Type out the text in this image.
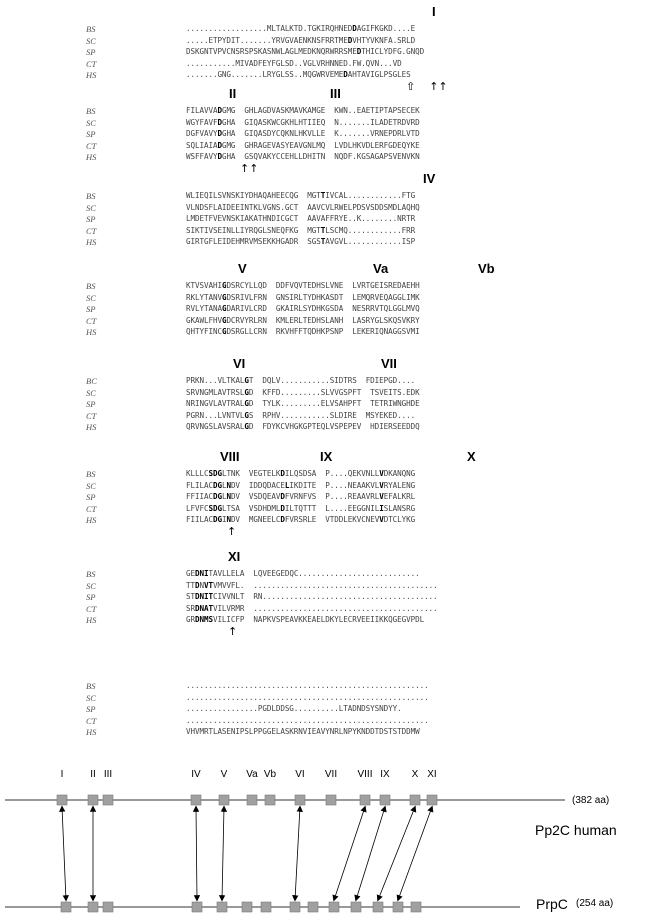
I
BS	..................MLTALKTD.TGKIRQHNEDDAGIFKGKD....E
SC	.....ETPYDIT.......YRVGVAENKNSFRRTMEDVHTYVKNFA.SRLD
SP	DSKGNTVPVCNSRSPSKASNWLAGLMEDKNQRWRRSMEDTHICLYDFG.GNQD
CT	...........MIVADFEYFGLSD..VGLVRHNNED.FW.QVN...VD
HS	.......GNG.......LRYGLSS..MQGWRVEMEDAHTAVIGLPSGLES
⇧    ↑↑
II	III
BS	FILAVVADGMG  GHLAGDVASKMAVKAMGE  KWN..EAETIPTAPSECEK
SC	WGYFAVFDGHA  GIQASKWCGKHLHTIIEQ  N.......ILADETRDVRD
SP	DGFVAVYDGHA  GIQASDYCQKNLHKVLLE  K.......VRNEPDRLVTD
CT	SQLIAIADGMG  GHRAGEVASYEAVGNLMQ  LVDLHKVDLERFGDEQYKE
HS	WSFFAVYDGHA  GSQVAKYCCEHLLDHITN  NQDF.KGSAGAPSVENVKN
↑↑
IV
BS	WLIEQILSVNSKIYDHAQAHEECQG  MGTTIVCAL............FTG
SC	VLNDSFLAIDEEINTKLVGNS.GCT  AAVCVLRWELPDSVSDDSMDLAQHQ
SP	LMDETFVEVNSKIAKATHNDICGCT  AAVAFFRYE..K........NRTR
CT	SIKTIVSEINLLIYRQGLSNEQFKG  MGTTLSCMQ............FRR
HS	GIRTGFLEIDEHMRVMSEKKHGADR  SGSTAVGVL............ISP
V	Va	Vb
BS	KTVSVAHIGDSRCYLLQD  DDFVQVTEDHSLVNE  LVRTGEISREDAEHH
SC	RKLYTANVGDSRIVLFRN  GNSIRLTYDHKASDT  LEMQRVEQAGGLIMK
SP	RVLYTANAGDARIVLCRD  GKAIRLSYDHKGSDA  NESRRVTQLGGLMVQ
CT	GKAWLFHVGDCRVYRLRN  KMLERLTEDHSLANH  LASRYGLSKQSVKRY
HS	QHTYFINCGDSRGLLCRN  RKVHFFTQDHKPSNP  LEKERIQNAGGSVMI
VI	VII
BC	PRKN...VLTKALGT  DQLV...........SIDTRS  FDIEPGD....
SC	SRVNGMLAVTRSLGD  KFFD.........SLVVGSPFT  TSVEITS.EDK
SP	NRINGVLAVTRALGD  TYLK.........ELVSAHPFT  TETRIWNGHDE
CT	PGRN...LVNTVLGS  RPHV...........SLDIRE  MSYEKED....
HS	QRVNGSLAVSRALGD  FDYKCVHGKGPTEQLVSPEPEV  HDIERSEEDDQ
VIII	IX	X
BS	KLLLCSDGLTNK  VEGTELKDILQSDSA  P....QEKVNLLVDKANQNG
SC	FLILACDGLNDV  IDDQDACELIKDITE  P....NEAAKVLVRYALENG
SP	FFIIACDGLNDV  VSDQEAVDFVRNFVS  P....REAAVRLVEFALKRL
CT	LFVFCSDGLTSA  VSDHDMLDILTQTTT  L....EEGGNILISLANSRG
HS	FIILACDGINDV  MGNEELCDFVRSRLE  VTDDLEKVCNEVVDTCLYKG
↑
XI
BS	GEDNITAVLLELA  LQVEEGEDQC...........................
SC	TTDNVTVMVVFL.  .........................................
SP	STDNITCIVVNLT  RN.......................................
CT	SRDNATVILVRMR  .........................................
HS	GRDNMSVILICFP  NAPKVSPEAVKKEAELDKYLECRVEEIIKKQGEGVPDL
↑
BS	......................................................
SC	......................................................
SP	................PGDLDDSG..........LTADNDSYSNDYY.
CT	......................................................
HS	VHVMRTLASENIPSLPPGGELASKRNVIEAVYNRLNPYKNDDTDSTSTDDMW
I	II III	IV V Va Vb VI VII VIII IX X XI
(382 aa)
Pp2C human
PrpC (254 aa)
